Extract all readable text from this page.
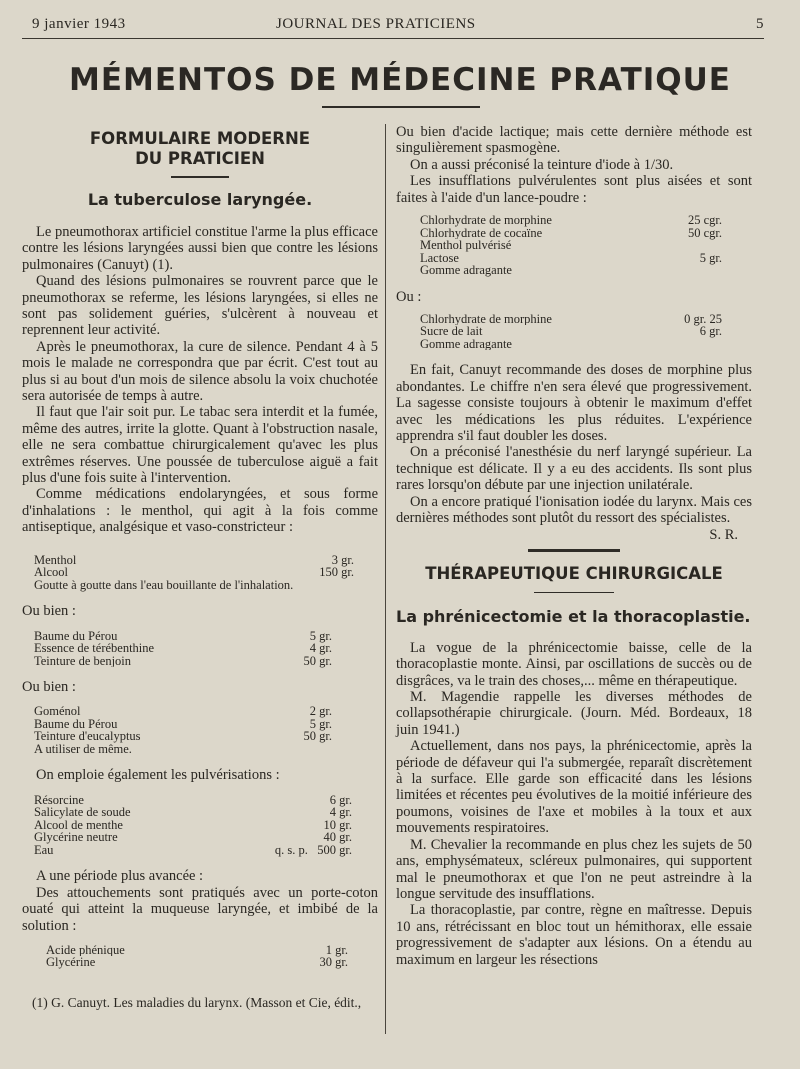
9 janvier 1943	JOURNAL DES PRATICIENS	5
MÉMENTOS DE MÉDECINE PRATIQUE
FORMULAIRE MODERNE
DU PRATICIEN
La tuberculose laryngée.

Le pneumothorax artificiel constitue l'arme la plus efficace contre les lésions laryngées aussi bien que contre les lésions pulmonaires (Canuyt) (1).

Quand des lésions pulmonaires se rouvrent parce que le pneumothorax se referme, les lésions laryngées, si elles ne sont pas solidement guéries, s'ulcèrent à nouveau et reprennent leur activité.

Après le pneumothorax, la cure de silence. Pendant 4 à 5 mois le malade ne correspondra que par écrit. C'est tout au plus si au bout d'un mois de silence absolu la voix chuchotée sera autorisée de temps à autre.

Il faut que l'air soit pur. Le tabac sera interdit et la fumée, même des autres, irrite la glotte. Quant à l'obstruction nasale, elle ne sera combattue chirurgicalement qu'avec les plus extrêmes réserves. Une poussée de tuberculose aiguë a fait plus d'une fois suite à l'intervention.

Comme médications endolaryngées, et sous forme d'inhalations : le menthol, qui agit à la fois comme antiseptique, analgésique et vaso-constricteur :

Menthol	3 gr.
Alcool	150 gr.
Goutte à goutte dans l'eau bouillante de l'inhalation.
Ou bien :
Baume du Pérou	5 gr.
Essence de térébenthine	4 gr.
Teinture de benjoin	50 gr.
Ou bien :
Goménol	2 gr.
Baume du Pérou	5 gr.
Teinture d'eucalyptus	50 gr.
A utiliser de même.

On emploie également les pulvérisations :

Résorcine	6 gr.
Salicylate de soude	4 gr.
Alcool de menthe	10 gr.
Glycérine neutre	40 gr.
Eau	q. s. p.   500 gr.

A une période plus avancée :

Des attouchements sont pratiqués avec un porte-coton ouaté qui atteint la muqueuse laryngée, et imbibé de la solution :

Acide phénique	1 gr.
Glycérine	30 gr.
(1) G. Canuyt. Les maladies du larynx. (Masson et Cie, édit.,

Ou bien d'acide lactique; mais cette dernière méthode est singulièrement spasmogène.

On a aussi préconisé la teinture d'iode à 1/30.

Les insufflations pulvérulentes sont plus aisées et sont faites à l'aide d'un lance-poudre :

Chlorhydrate de morphine	25 cgr.
Chlorhydrate de cocaïne	50 cgr.
Menthol pulvérisé
Lactose	5 gr.
Gomme adragante
Ou :
Chlorhydrate de morphine	0 gr. 25
Sucre de lait	6 gr.
Gomme adragante

En fait, Canuyt recommande des doses de morphine plus abondantes. Le chiffre n'en sera élevé que progressivement. La sagesse consiste toujours à obtenir le maximum d'effet avec les médications les plus réduites. L'expérience apprendra s'il faut doubler les doses.

On a préconisé l'anesthésie du nerf laryngé supérieur. La technique est délicate. Il y a eu des accidents. Ils sont plus rares lorsqu'on débute par une injection unilatérale.

On a encore pratiqué l'ionisation iodée du larynx. Mais ces dernières méthodes sont plutôt du ressort des spécialistes.

S. R.
THÉRAPEUTIQUE CHIRURGICALE
La phrénicectomie et la thoracoplastie.

La vogue de la phrénicectomie baisse, celle de la thoracoplastie monte. Ainsi, par oscillations de succès ou de disgrâces, va le train des choses,... même en thérapeutique.

M. Magendie rappelle les diverses méthodes de collapsothérapie chirurgicale. (Journ. Méd. Bordeaux, 18 juin 1941.)

Actuellement, dans nos pays, la phrénicectomie, après la période de défaveur qui l'a submergée, reparaît discrètement à la surface. Elle garde son efficacité dans les lésions limitées et récentes peu évolutives de la moitié inférieure des poumons, voisines de l'axe et mobiles à la toux et aux mouvements respiratoires.

M. Chevalier la recommande en plus chez les sujets de 50 ans, emphysémateux, scléreux pulmonaires, qui supportent mal le pneumothorax et que l'on ne peut astreindre à la longue servitude des insufflations.

La thoracoplastie, par contre, règne en maîtresse. Depuis 10 ans, rétrécissant en bloc tout un hémithorax, elle essaie progressivement de s'adapter aux lésions. On a étendu au maximum en largeur les résections
